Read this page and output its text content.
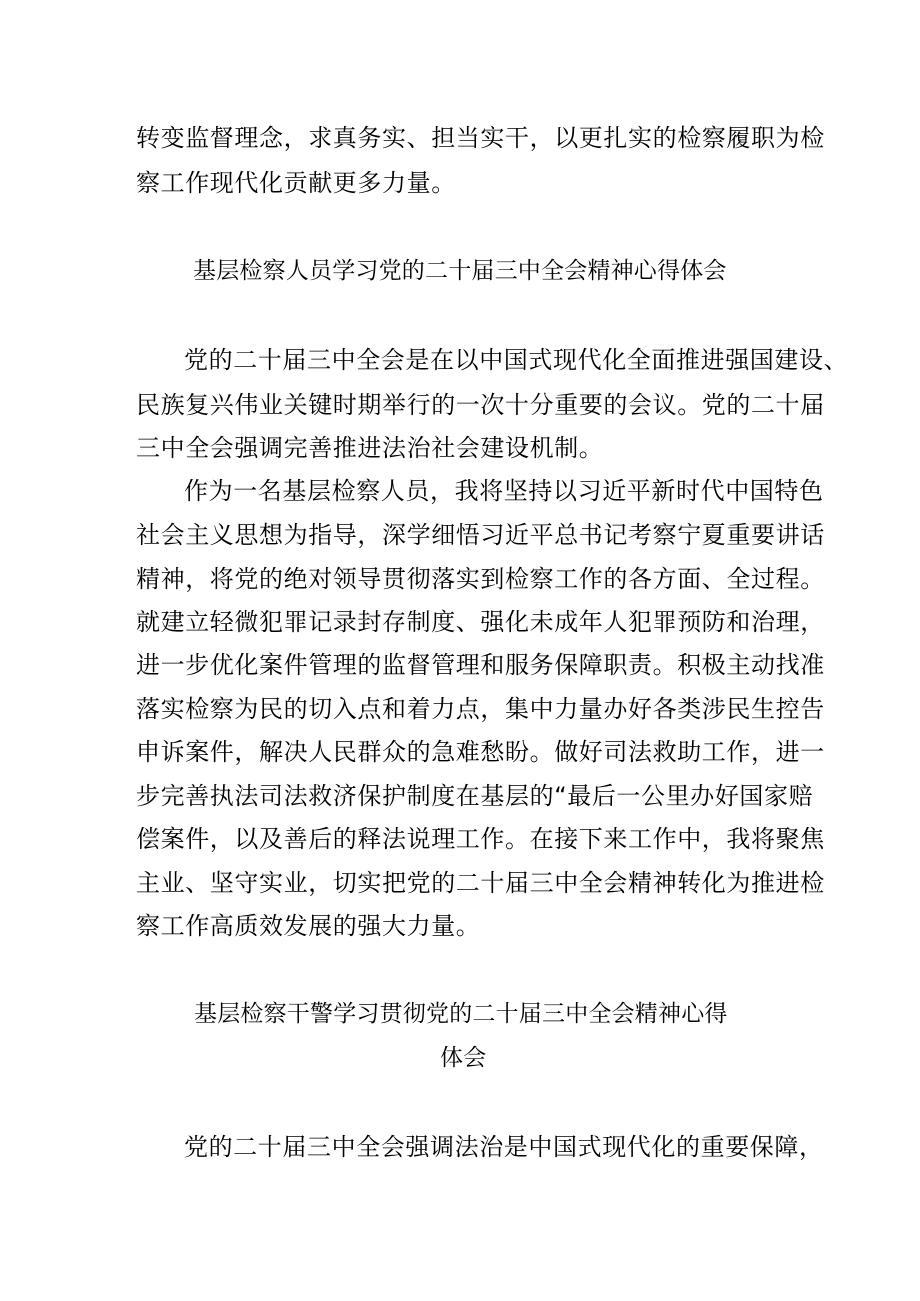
转变监督理念，求真务实、担当实干，以更扎实的检察履职为检
察工作现代化贡献更多力量。
基层检察人员学习党的二十届三中全会精神心得体会
党的二十届三中全会是在以中国式现代化全面推进强国建设、
民族复兴伟业关键时期举行的一次十分重要的会议。党的二十届
三中全会强调完善推进法治社会建设机制。
作为一名基层检察人员，我将坚持以习近平新时代中国特色
社会主义思想为指导，深学细悟习近平总书记考察宁夏重要讲话
精神，将党的绝对领导贯彻落实到检察工作的各方面、全过程。
就建立轻微犯罪记录封存制度、强化未成年人犯罪预防和治理，
进一步优化案件管理的监督管理和服务保障职责。积极主动找准
落实检察为民的切入点和着力点，集中力量办好各类涉民生控告
申诉案件，解决人民群众的急难愁盼。做好司法救助工作，进一
步完善执法司法救济保护制度在基层的“最后一公里办好国家赔
偿案件，以及善后的释法说理工作。在接下来工作中，我将聚焦
主业、坚守实业，切实把党的二十届三中全会精神转化为推进检
察工作高质效发展的强大力量。
基层检察干警学习贯彻党的二十届三中全会精神心得
体会
党的二十届三中全会强调法治是中国式现代化的重要保障，
